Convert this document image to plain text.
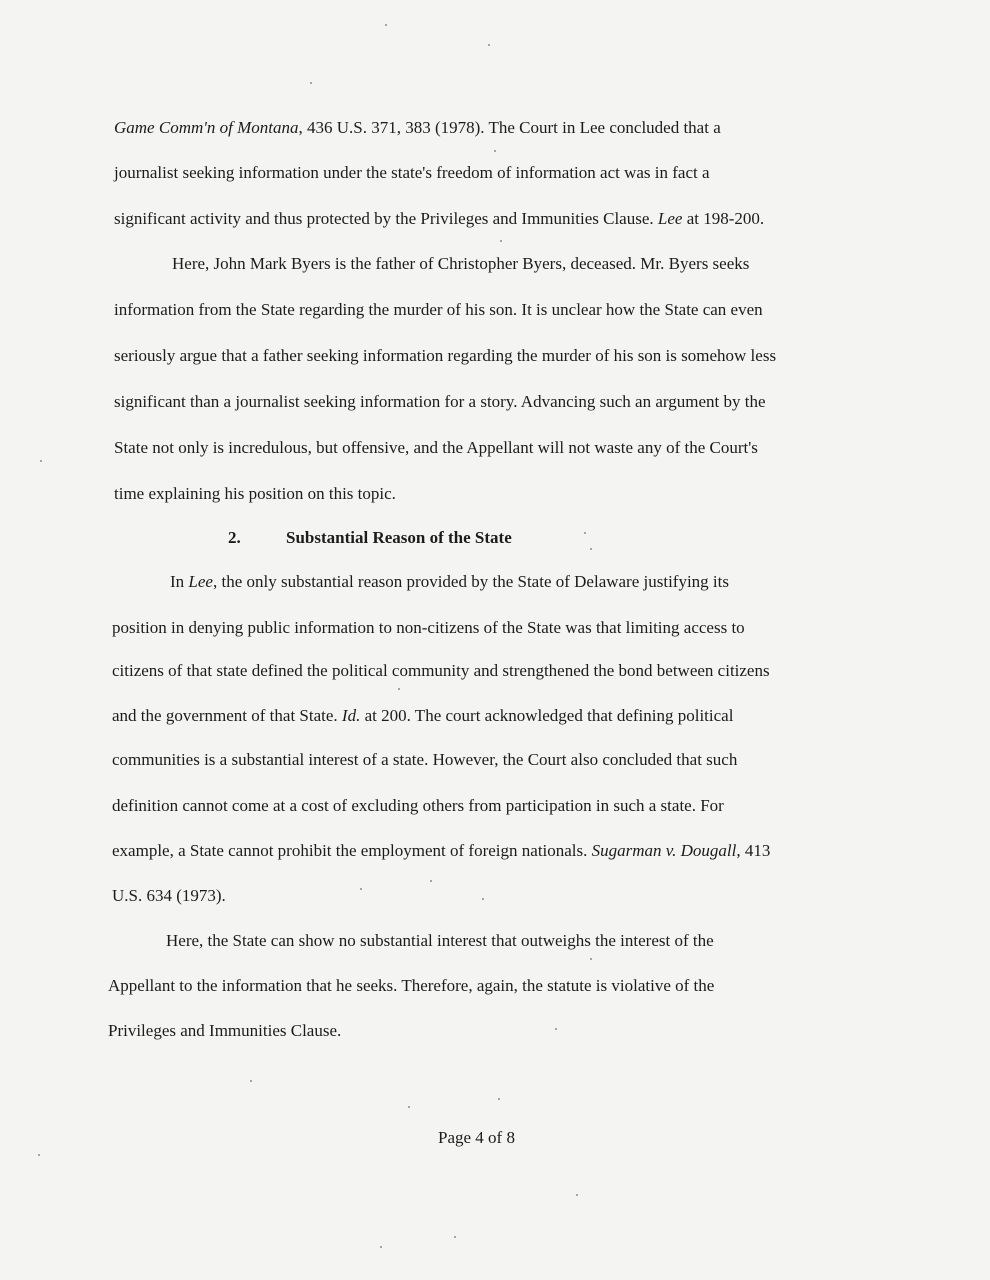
Game Comm'n of Montana, 436 U.S. 371, 383 (1978). The Court in Lee concluded that a
journalist seeking information under the state's freedom of information act was in fact a
significant activity and thus protected by the Privileges and Immunities Clause. Lee at 198-200.
Here, John Mark Byers is the father of Christopher Byers, deceased. Mr. Byers seeks
information from the State regarding the murder of his son. It is unclear how the State can even
seriously argue that a father seeking information regarding the murder of his son is somehow less
significant than a journalist seeking information for a story. Advancing such an argument by the
State not only is incredulous, but offensive, and the Appellant will not waste any of the Court's
time explaining his position on this topic.
2.	Substantial Reason of the State
In Lee, the only substantial reason provided by the State of Delaware justifying its
position in denying public information to non-citizens of the State was that limiting access to
citizens of that state defined the political community and strengthened the bond between citizens
and the government of that State. Id. at 200. The court acknowledged that defining political
communities is a substantial interest of a state. However, the Court also concluded that such
definition cannot come at a cost of excluding others from participation in such a state. For
example, a State cannot prohibit the employment of foreign nationals. Sugarman v. Dougall, 413
U.S. 634 (1973).
Here, the State can show no substantial interest that outweighs the interest of the
Appellant to the information that he seeks. Therefore, again, the statute is violative of the
Privileges and Immunities Clause.
Page 4 of 8
